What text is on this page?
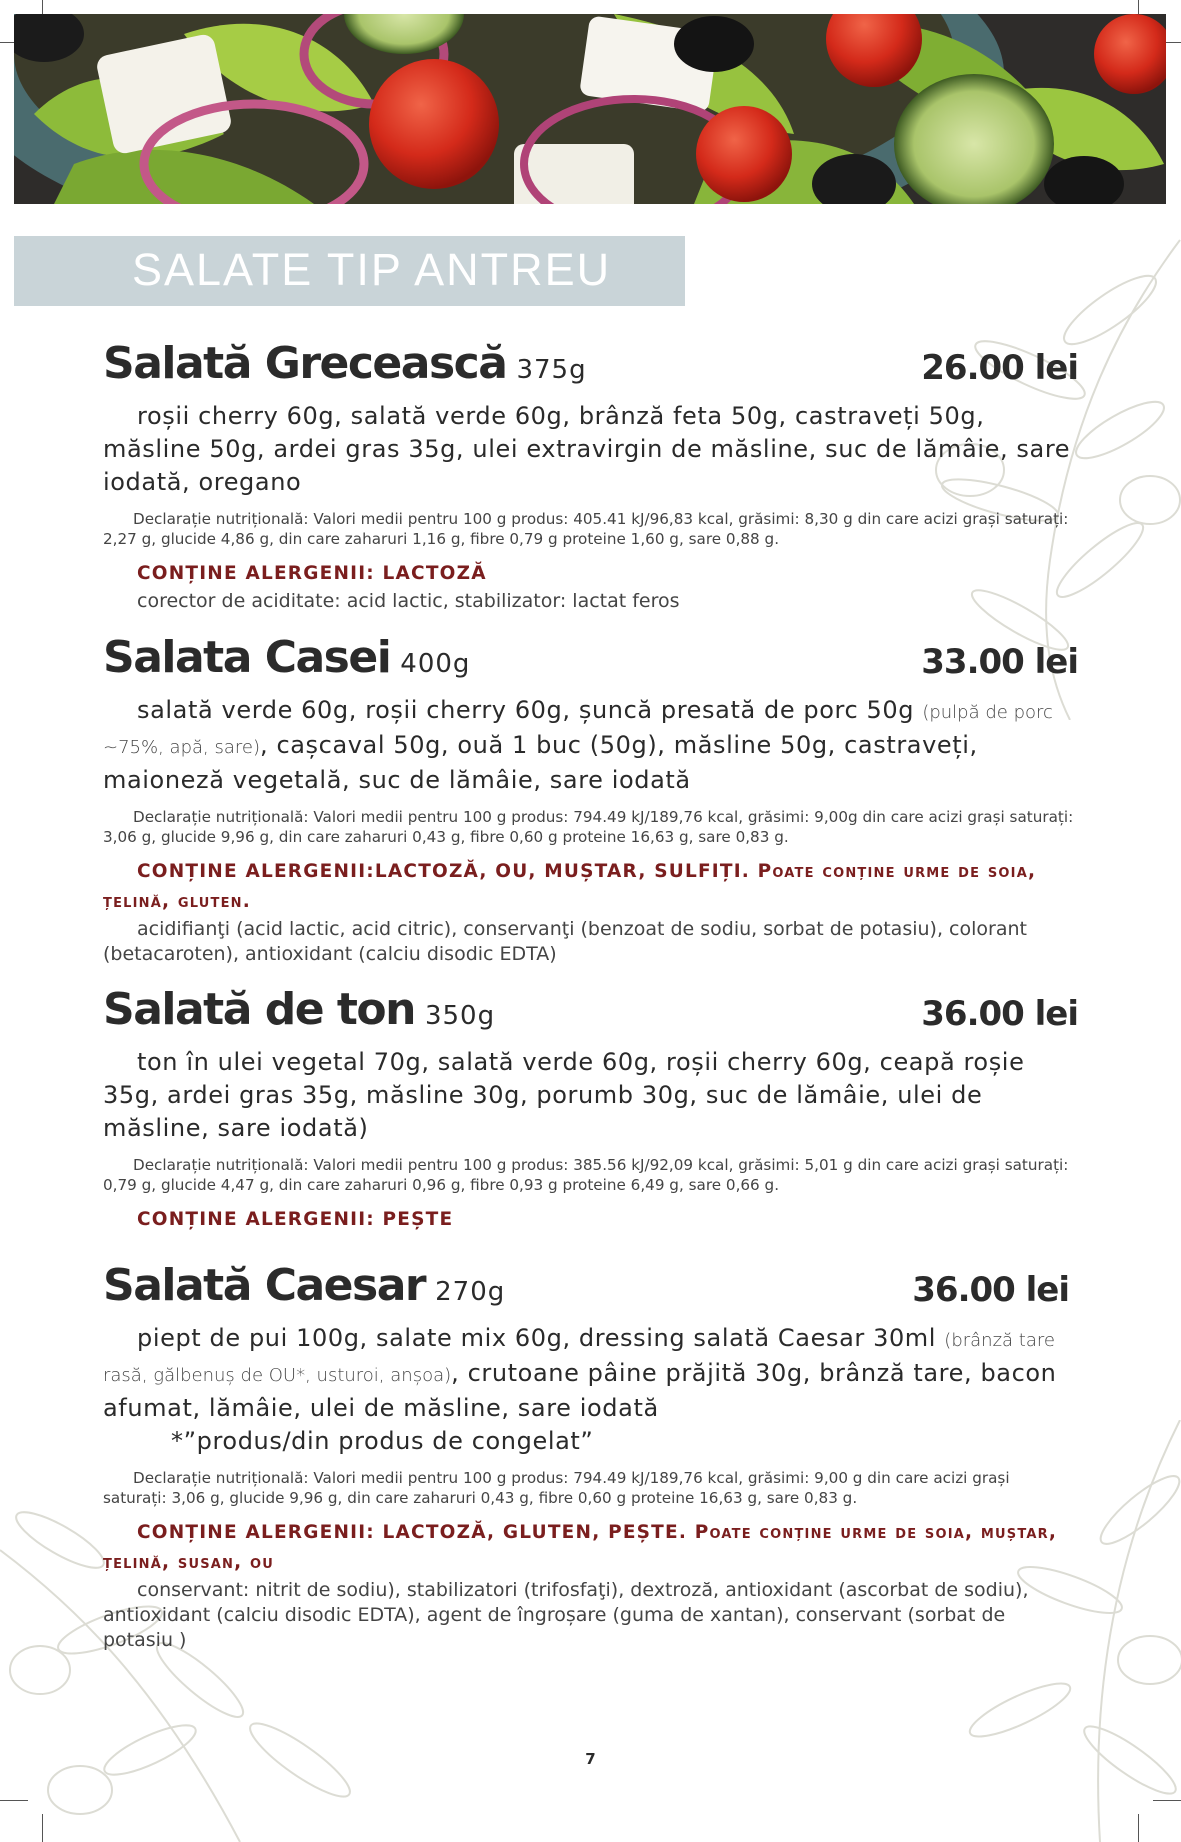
SALATE TIP ANTREU
Salată Grecească 375g	26.00 lei

roșii cherry 60g, salată verde 60g, brânză feta 50g, castraveți 50g, măsline 50g, ardei gras 35g, ulei extravirgin de măsline, suc de lămâie, sare iodată, oregano

Declarație nutrițională: Valori medii pentru 100 g produs: 405.41 kJ/96,83 kcal, grăsimi: 8,30 g din care acizi grași saturați: 2,27 g, glucide 4,86 g, din care zaharuri 1,16 g, fibre 0,79 g proteine 1,60 g, sare 0,88 g.

CONȚINE ALERGENII: LACTOZĂ

corector de aciditate: acid lactic, stabilizator: lactat feros

Salata Casei 400g	33.00 lei

salată verde 60g, roșii cherry 60g, șuncă presată de porc 50g (pulpă de porc ~75%, apă, sare), cașcaval 50g, ouă 1 buc (50g), măsline 50g, castraveți, maioneză vegetală, suc de lămâie, sare iodată

Declarație nutrițională: Valori medii pentru 100 g produs: 794.49 kJ/189,76 kcal, grăsimi: 9,00g din care acizi grași saturați: 3,06 g, glucide 9,96 g, din care zaharuri 0,43 g, fibre 0,60 g proteine 16,63 g, sare 0,83 g.

CONȚINE ALERGENII:LACTOZĂ, OU, MUȘTAR, SULFIȚI. Poate conține urme de soia, țelină, gluten.

acidifianţi (acid lactic, acid citric), conservanţi (benzoat de sodiu, sorbat de potasiu), colorant (betacaroten), antioxidant (calciu disodic EDTA)

Salată de ton 350g	36.00 lei

ton în ulei vegetal 70g, salată verde 60g, roșii cherry 60g, ceapă roșie 35g, ardei gras 35g, măsline 30g, porumb 30g, suc de lămâie, ulei de măsline, sare iodată)

Declarație nutrițională: Valori medii pentru 100 g produs: 385.56 kJ/92,09 kcal, grăsimi: 5,01 g din care acizi grași saturați: 0,79 g, glucide 4,47 g, din care zaharuri 0,96 g, fibre 0,93 g proteine 6,49 g, sare 0,66 g.

CONȚINE ALERGENII: PEȘTE

Salată Caesar 270g	36.00 lei

piept de pui 100g, salate mix 60g, dressing salată Caesar 30ml (brânză tare rasă, gălbenuș de OU*, usturoi, anșoa), crutoane pâine prăjită 30g, brânză tare, bacon afumat, lămâie, ulei de măsline, sare iodată
*”produs/din produs de congelat”

Declarație nutrițională: Valori medii pentru 100 g produs: 794.49 kJ/189,76 kcal, grăsimi: 9,00 g din care acizi grași saturați: 3,06 g, glucide 9,96 g, din care zaharuri 0,43 g, fibre 0,60 g proteine 16,63 g, sare 0,83 g.

CONȚINE ALERGENII: LACTOZĂ, GLUTEN, PEȘTE. Poate conține urme de soia, muștar, țelină, susan, ou

conservant: nitrit de sodiu), stabilizatori (trifosfaţi), dextroză, antioxidant (ascorbat de sodiu), antioxidant (calciu disodic EDTA), agent de îngroșare (guma de xantan), conservant (sorbat de potasiu )

7
